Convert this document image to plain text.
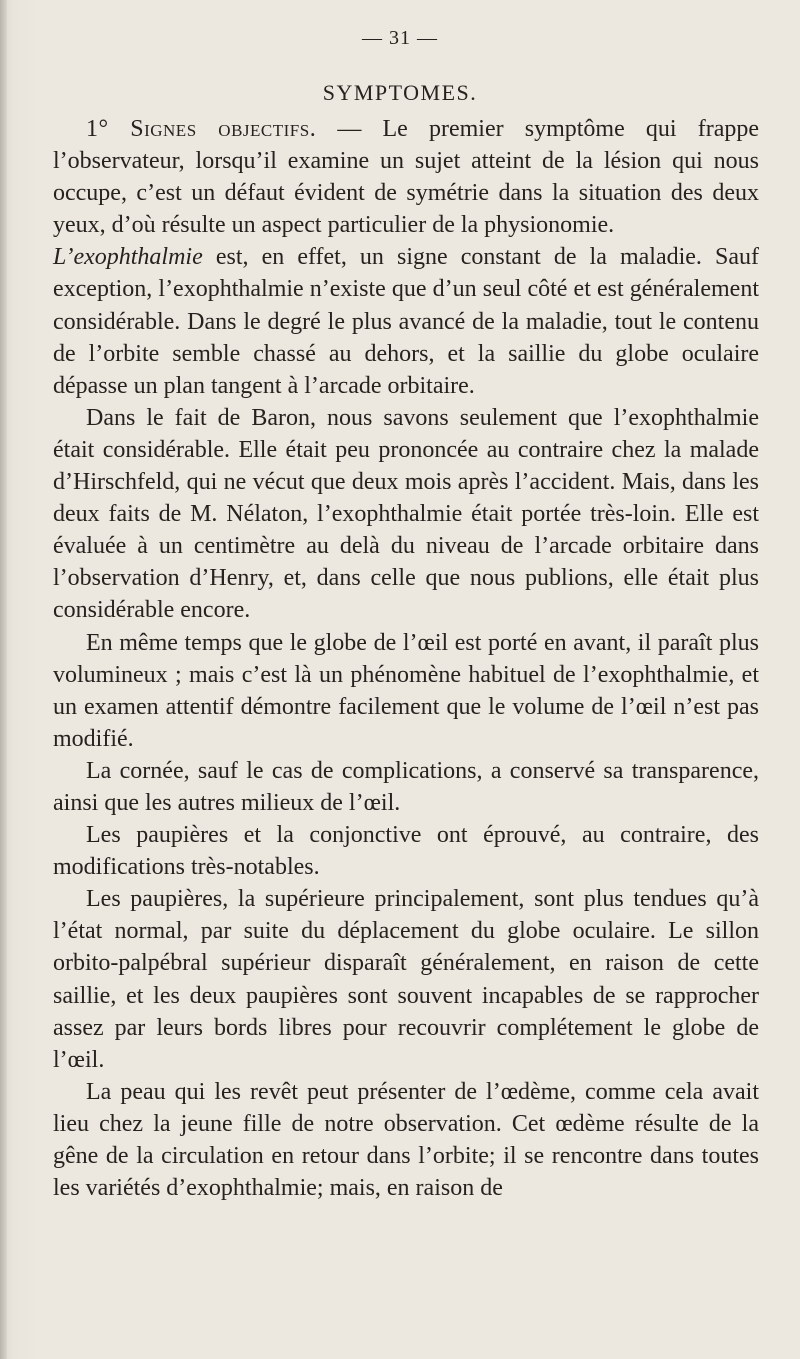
— 31 —
SYMPTOMES.

1° Signes objectifs. — Le premier symptôme qui frappe l’observateur, lorsqu’il examine un sujet atteint de la lésion qui nous occupe, c’est un défaut évident de symétrie dans la situation des deux yeux, d’où résulte un aspect particulier de la physionomie.

L’exophthalmie est, en effet, un signe constant de la maladie. Sauf exception, l’exophthalmie n’existe que d’un seul côté et est généralement considérable. Dans le degré le plus avancé de la maladie, tout le contenu de l’orbite semble chassé au dehors, et la saillie du globe oculaire dépasse un plan tangent à l’arcade orbitaire.

Dans le fait de Baron, nous savons seulement que l’exophthalmie était considérable. Elle était peu prononcée au contraire chez la malade d’Hirschfeld, qui ne vécut que deux mois après l’accident. Mais, dans les deux faits de M. Nélaton, l’exophthalmie était portée très-loin. Elle est évaluée à un centimètre au delà du niveau de l’arcade orbitaire dans l’observation d’Henry, et, dans celle que nous publions, elle était plus considérable encore.

En même temps que le globe de l’œil est porté en avant, il paraît plus volumineux ; mais c’est là un phénomène habituel de l’exophthalmie, et un examen attentif démontre facilement que le volume de l’œil n’est pas modifié.

La cornée, sauf le cas de complications, a conservé sa transparence, ainsi que les autres milieux de l’œil.

Les paupières et la conjonctive ont éprouvé, au contraire, des modifications très-notables.

Les paupières, la supérieure principalement, sont plus tendues qu’à l’état normal, par suite du déplacement du globe oculaire. Le sillon orbito-palpébral supérieur disparaît généralement, en raison de cette saillie, et les deux paupières sont souvent incapables de se rapprocher assez par leurs bords libres pour recouvrir complétement le globe de l’œil.

La peau qui les revêt peut présenter de l’œdème, comme cela avait lieu chez la jeune fille de notre observation. Cet œdème résulte de la gêne de la circulation en retour dans l’orbite; il se rencontre dans toutes les variétés d’exophthalmie; mais, en raison de
